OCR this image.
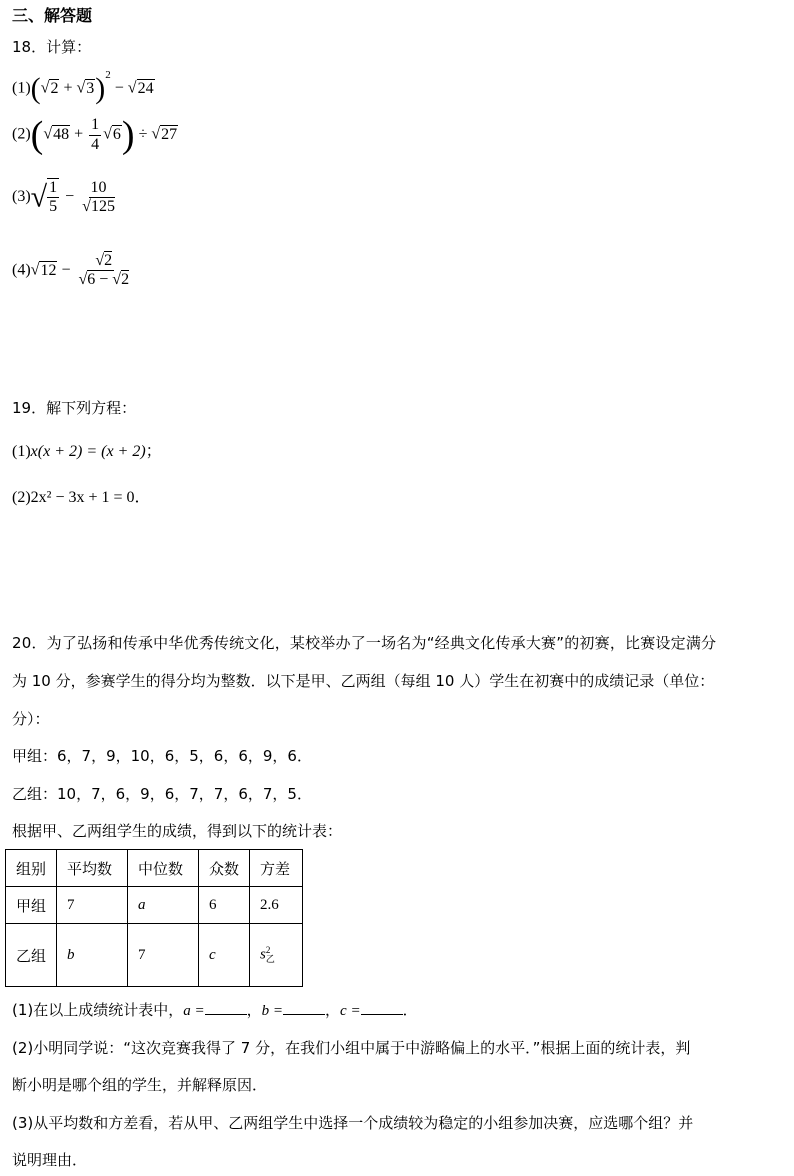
三、解答题
18．计算：
$(1)(√2 + √3)^2 - √24$
$(2)(√48 + \frac{1}{4} √6) \div √27$
$(3)√ \frac{1}{5} - \frac{10}{√125}$
$(4)√12 - \frac{√2}{√6 - √2}$
19．解下列方程：
(1)x(x + 2) = (x + 2)；
(2)2x² − 3x + 1 = 0．
20．为了弘扬和传承中华优秀传统文化，某校举办了一场名为“经典文化传承大赛”的初赛，比赛设定满分
为 10 分，参赛学生的得分均为整数．以下是甲、乙两组（每组 10 人）学生在初赛中的成绩记录（单位：
分）：
甲组：6，7，9，10，6，5，6，6，9，6．
乙组：10，7，6，9，6，7，7，6，7，5．
根据甲、乙两组学生的成绩，得到以下的统计表：
组别	平均数	中位数	众数	方差
甲组	7	a	6	2.6
乙组	b	7	c	s 2
乙
(1)在以上成绩统计表中，a =	，b =	，c =	．
(2)小明同学说：“这次竞赛我得了 7 分，在我们小组中属于中游略偏上的水平．”根据上面的统计表，判
断小明是哪个组的学生，并解释原因．
(3)从平均数和方差看，若从甲、乙两组学生中选择一个成绩较为稳定的小组参加决赛，应选哪个组？并
说明理由．
